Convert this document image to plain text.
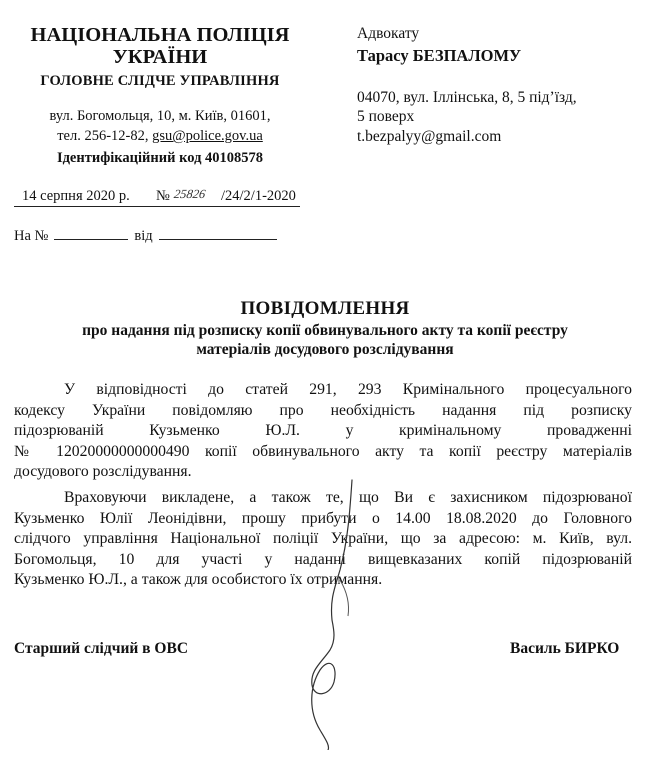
НАЦІОНАЛЬНА ПОЛІЦІЯ
УКРАЇНИ
ГОЛОВНЕ СЛІДЧЕ УПРАВЛІННЯ
вул. Богомольця, 10, м. Київ, 01601,
тел. 256-12-82, gsu@police.gov.ua
Ідентифікаційний код 40108578
14 серпня 2020 р. № 25826 /24/2/1-2020
На №	від
Адвокату
Тарасу БЕЗПАЛОМУ
04070, вул. Іллінська, 8, 5 під’їзд,
5 поверх
t.bezpalyy@gmail.com
ПОВІДОМЛЕННЯ
про надання під розписку копії обвинувального акту та копії реєстру
матеріалів досудового розслідування
У відповідності до статей 291, 293 Кримінального процесуального
кодексу України повідомляю про необхідність надання під розписку
підозрюваній Кузьменко Ю.Л. у кримінальному провадженні
№ 12020000000000490 копії обвинувального акту та копії реєстру матеріалів
досудового розслідування.
Враховуючи викладене, а також те, що Ви є захисником підозрюваної
Кузьменко Юлії Леонідівни, прошу прибути о 14.00 18.08.2020 до Головного
слідчого управління Національної поліції України, що за адресою: м. Київ, вул.
Богомольця, 10 для участі у наданні вищевказаних копій підозрюваній
Кузьменко Ю.Л., а також для особистого їх отримання.
Старший слідчий в ОВС	Василь БИРКО
